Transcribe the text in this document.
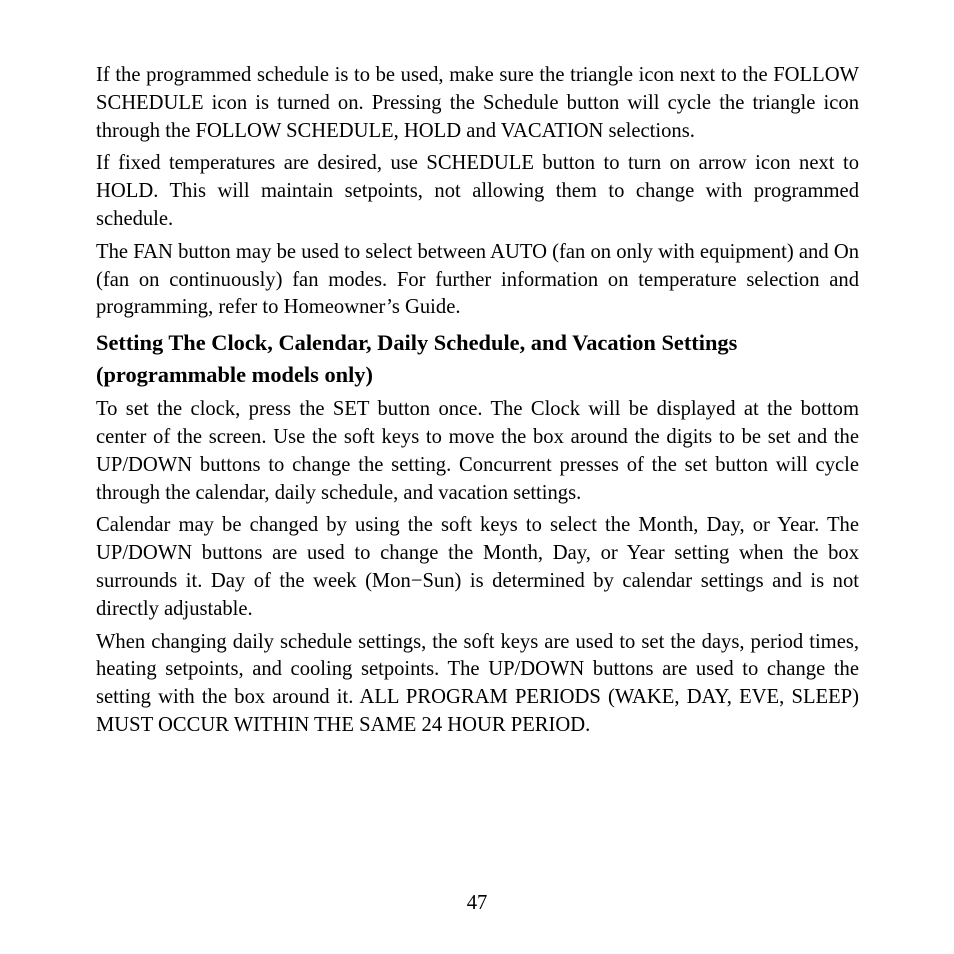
If the programmed schedule is to be used, make sure the triangle icon next to the FOLLOW SCHEDULE icon is turned on. Pressing the Schedule button will cycle the triangle icon through the FOLLOW SCHEDULE, HOLD and VACATION selections.

If fixed temperatures are desired, use SCHEDULE button to turn on arrow icon next to HOLD. This will maintain setpoints, not allowing them to change with programmed schedule.

The FAN button may be used to select between AUTO (fan on only with equipment) and On (fan on continuously) fan modes. For further information on temperature selection and programming, refer to Homeowner’s Guide.

Setting The Clock, Calendar, Daily Schedule, and Vacation Settings (programmable models only)

To set the clock, press the SET button once. The Clock will be displayed at the bottom center of the screen. Use the soft keys to move the box around the digits to be set and the UP/DOWN buttons to change the setting. Concurrent presses of the set button will cycle through the calendar, daily schedule, and vacation settings.

Calendar may be changed by using the soft keys to select the Month, Day, or Year. The UP/DOWN buttons are used to change the Month, Day, or Year setting when the box surrounds it. Day of the week (Mon−Sun) is determined by calendar settings and is not directly adjustable.

When changing daily schedule settings, the soft keys are used to set the days, period times, heating setpoints, and cooling setpoints. The UP/DOWN buttons are used to change the setting with the box around it. ALL PROGRAM PERIODS (WAKE, DAY, EVE, SLEEP) MUST OCCUR WITHIN THE SAME 24 HOUR PERIOD.

47
